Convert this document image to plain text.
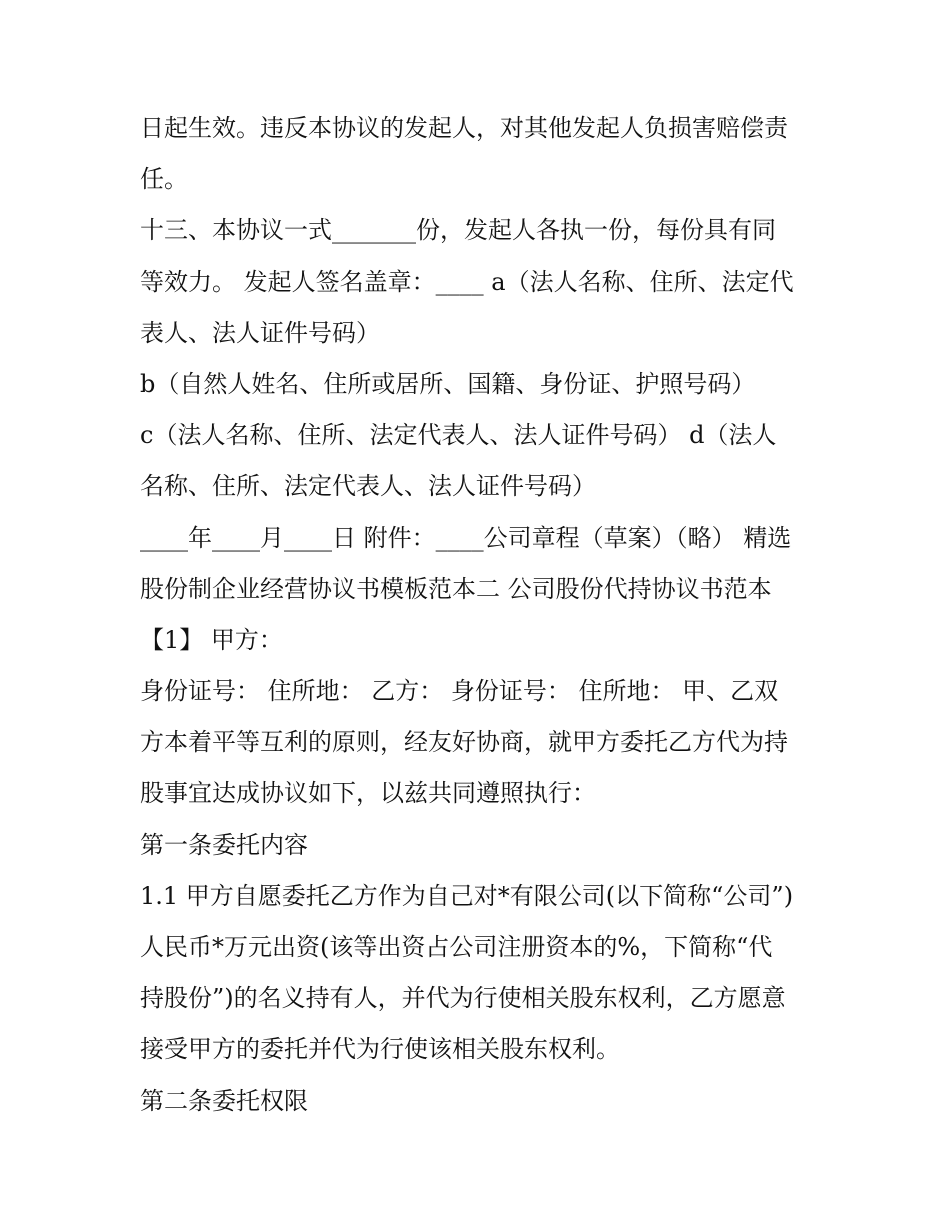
日起生效。违反本协议的发起人，对其他发起人负损害赔偿责
任。
十三、本协议一式_______份，发起人各执一份，每份具有同
等效力。 发起人签名盖章：____ a（法人名称、住所、法定代
表人、法人证件号码）
b（自然人姓名、住所或居所、国籍、身份证、护照号码）
c（法人名称、住所、法定代表人、法人证件号码） d（法人
名称、住所、法定代表人、法人证件号码）
____年____月____日 附件：____公司章程（草案）（略） 精选
股份制企业经营协议书模板范本二 公司股份代持协议书范本
【1】 甲方：
身份证号： 住所地： 乙方： 身份证号： 住所地： 甲、乙双
方本着平等互利的原则，经友好协商，就甲方委托乙方代为持
股事宜达成协议如下，以兹共同遵照执行：
第一条委托内容
1.1 甲方自愿委托乙方作为自己对*有限公司(以下简称“公司”)
人民币*万元出资(该等出资占公司注册资本的%，下简称“代
持股份”)的名义持有人，并代为行使相关股东权利，乙方愿意
接受甲方的委托并代为行使该相关股东权利。
第二条委托权限
